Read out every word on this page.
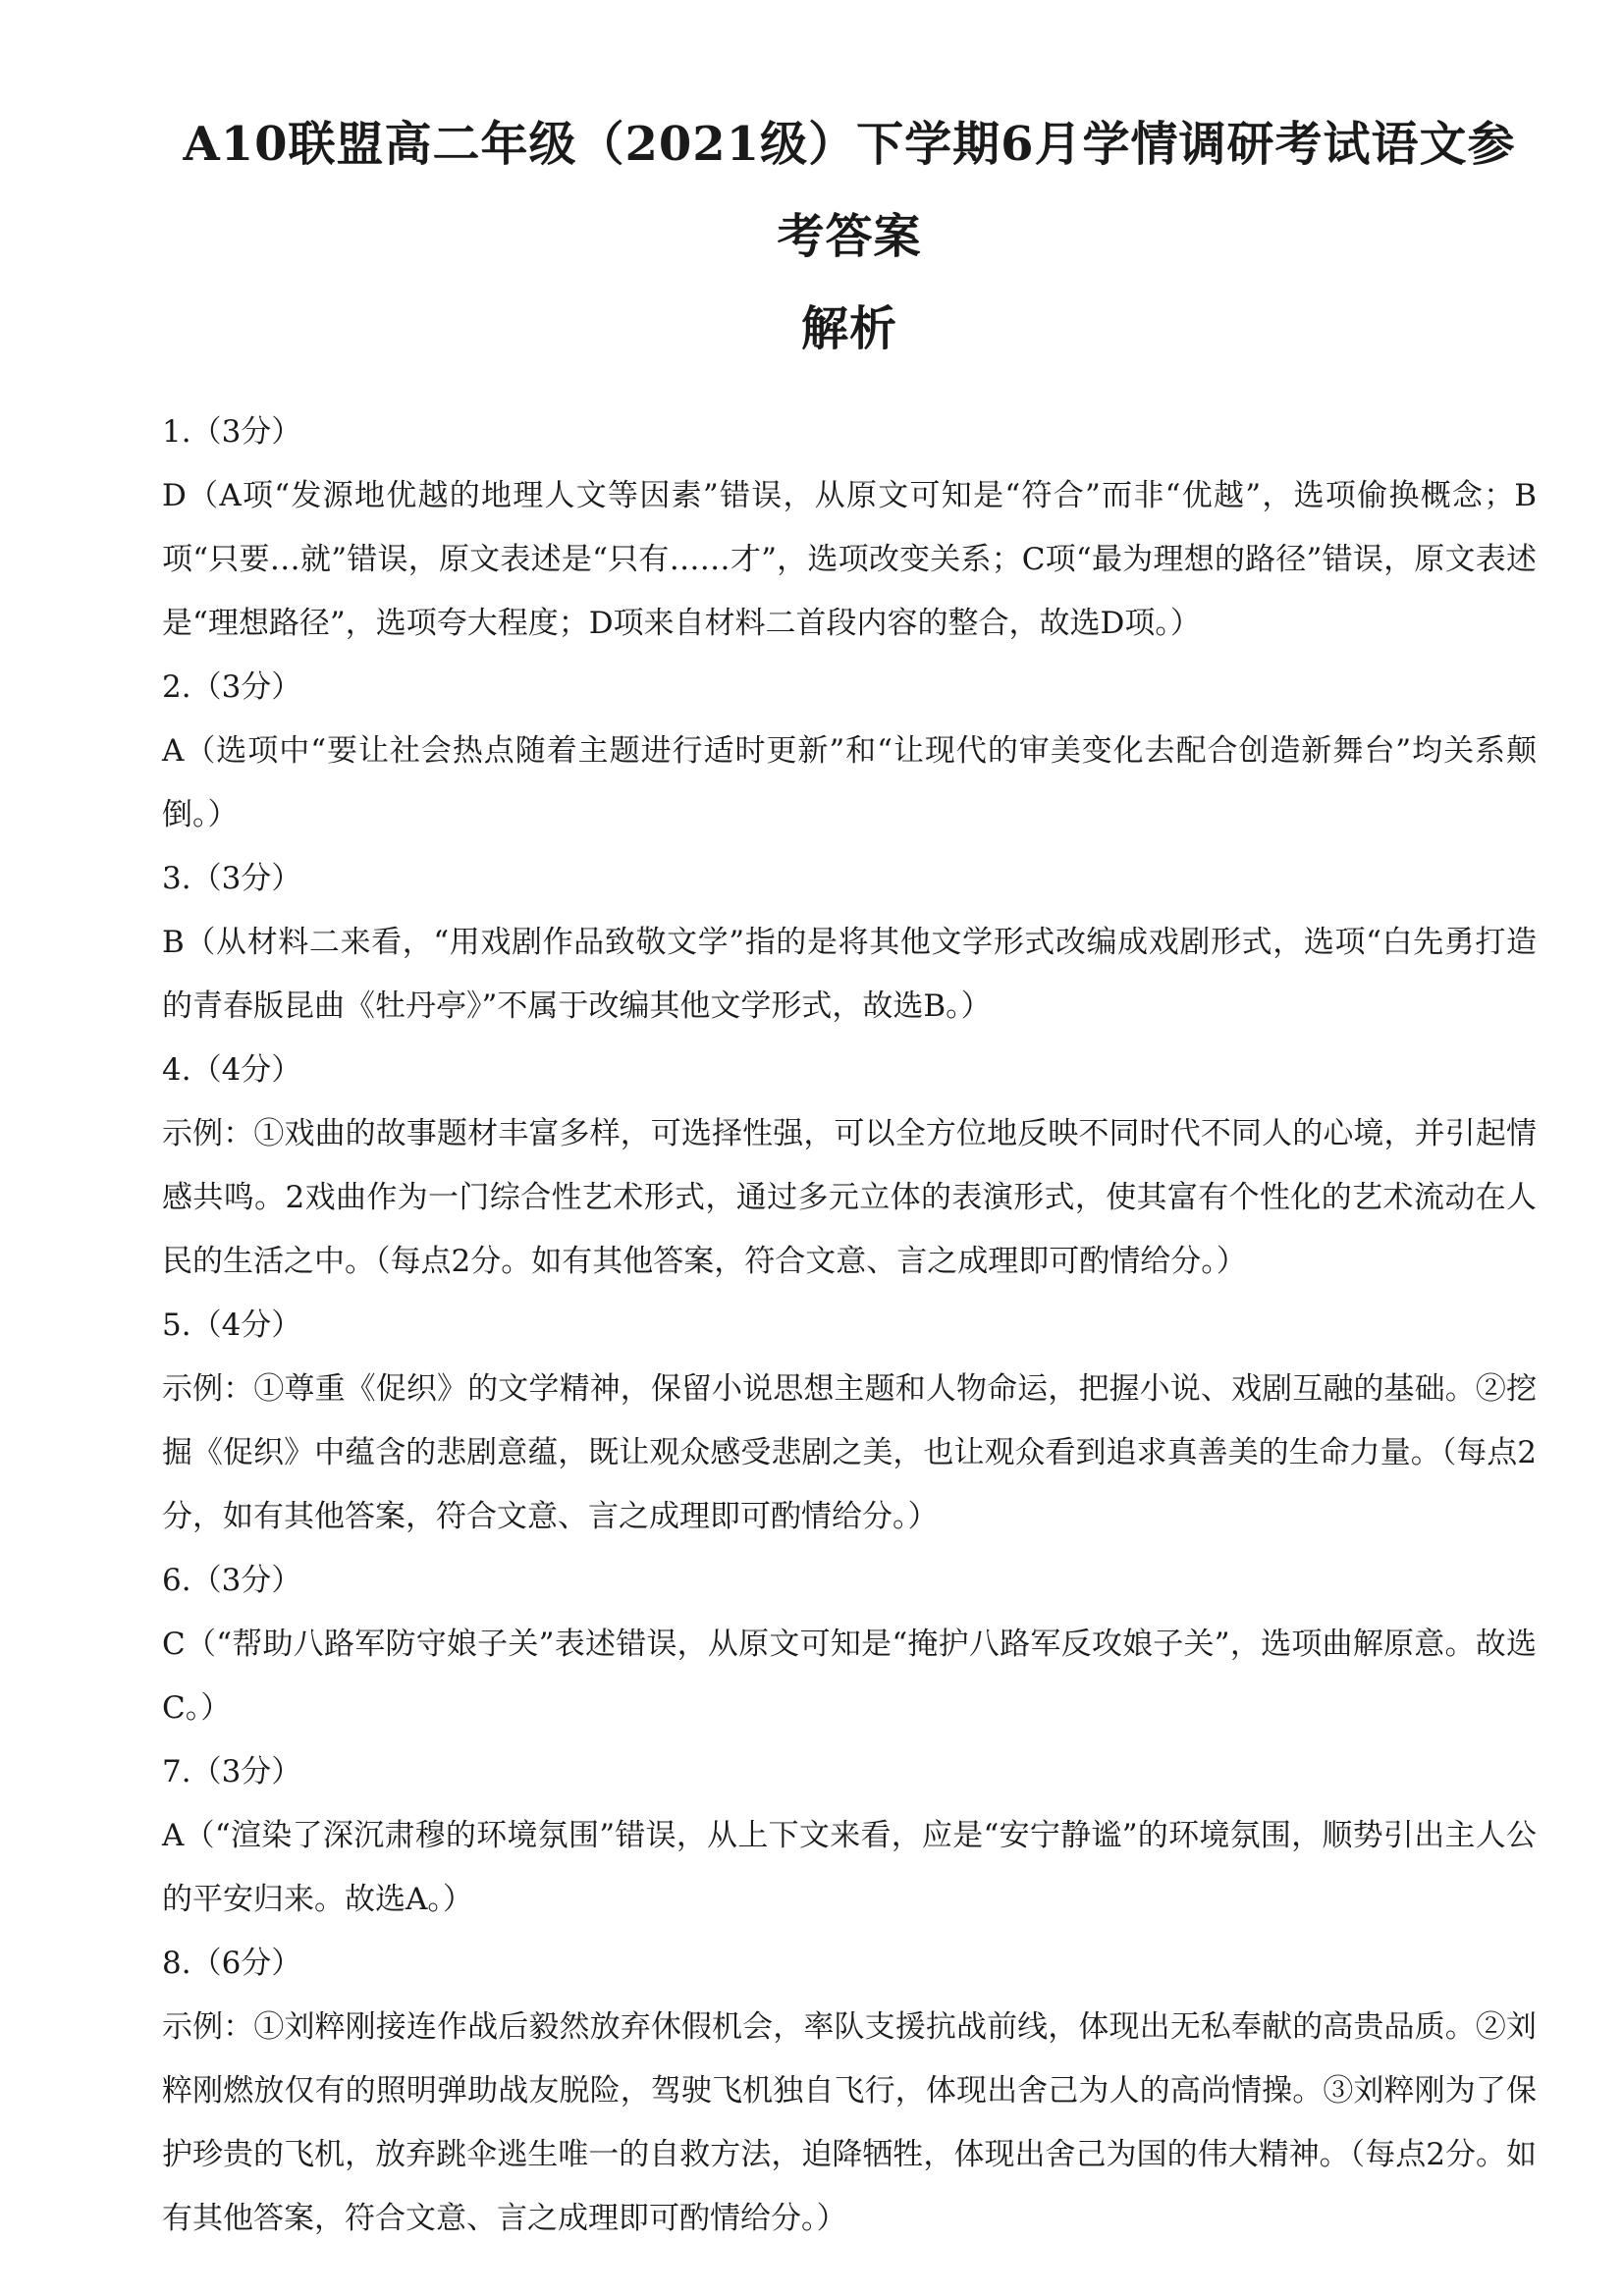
A10联盟高二年级（2021级）下学期6月学情调研考试语文参考答案
解析

1.（3分）

D（A项“发源地优越的地理人文等因素”错误，从原文可知是“符合”而非“优越”，选项偷换概念；B项“只要…就”错误，原文表述是“只有……才”，选项改变关系；C项“最为理想的路径”错误，原文表述是“理想路径”，选项夸大程度；D项来自材料二首段内容的整合，故选D项。）

2.（3分）

A（选项中“要让社会热点随着主题进行适时更新”和“让现代的审美变化去配合创造新舞台”均关系颠倒。）

3.（3分）

B（从材料二来看，“用戏剧作品致敬文学”指的是将其他文学形式改编成戏剧形式，选项“白先勇打造的青春版昆曲《牡丹亭》”不属于改编其他文学形式，故选B。）

4.（4分）

示例：①戏曲的故事题材丰富多样，可选择性强，可以全方位地反映不同时代不同人的心境，并引起情感共鸣。2戏曲作为一门综合性艺术形式，通过多元立体的表演形式，使其富有个性化的艺术流动在人民的生活之中。（每点2分。如有其他答案，符合文意、言之成理即可酌情给分。）

5.（4分）

示例：①尊重《促织》的文学精神，保留小说思想主题和人物命运，把握小说、戏剧互融的基础。②挖掘《促织》中蕴含的悲剧意蕴，既让观众感受悲剧之美，也让观众看到追求真善美的生命力量。（每点2分，如有其他答案，符合文意、言之成理即可酌情给分。）

6.（3分）

C（“帮助八路军防守娘子关”表述错误，从原文可知是“掩护八路军反攻娘子关”，选项曲解原意。故选C。）

7.（3分）

A（“渲染了深沉肃穆的环境氛围”错误，从上下文来看，应是“安宁静谧”的环境氛围，顺势引出主人公的平安归来。故选A。）

8.（6分）

示例：①刘粹刚接连作战后毅然放弃休假机会，率队支援抗战前线，体现出无私奉献的高贵品质。②刘粹刚燃放仅有的照明弹助战友脱险，驾驶飞机独自飞行，体现出舍己为人的高尚情操。③刘粹刚为了保护珍贵的飞机，放弃跳伞逃生唯一的自救方法，迫降牺牲，体现出舍己为国的伟大精神。（每点2分。如有其他答案，符合文意、言之成理即可酌情给分。）
